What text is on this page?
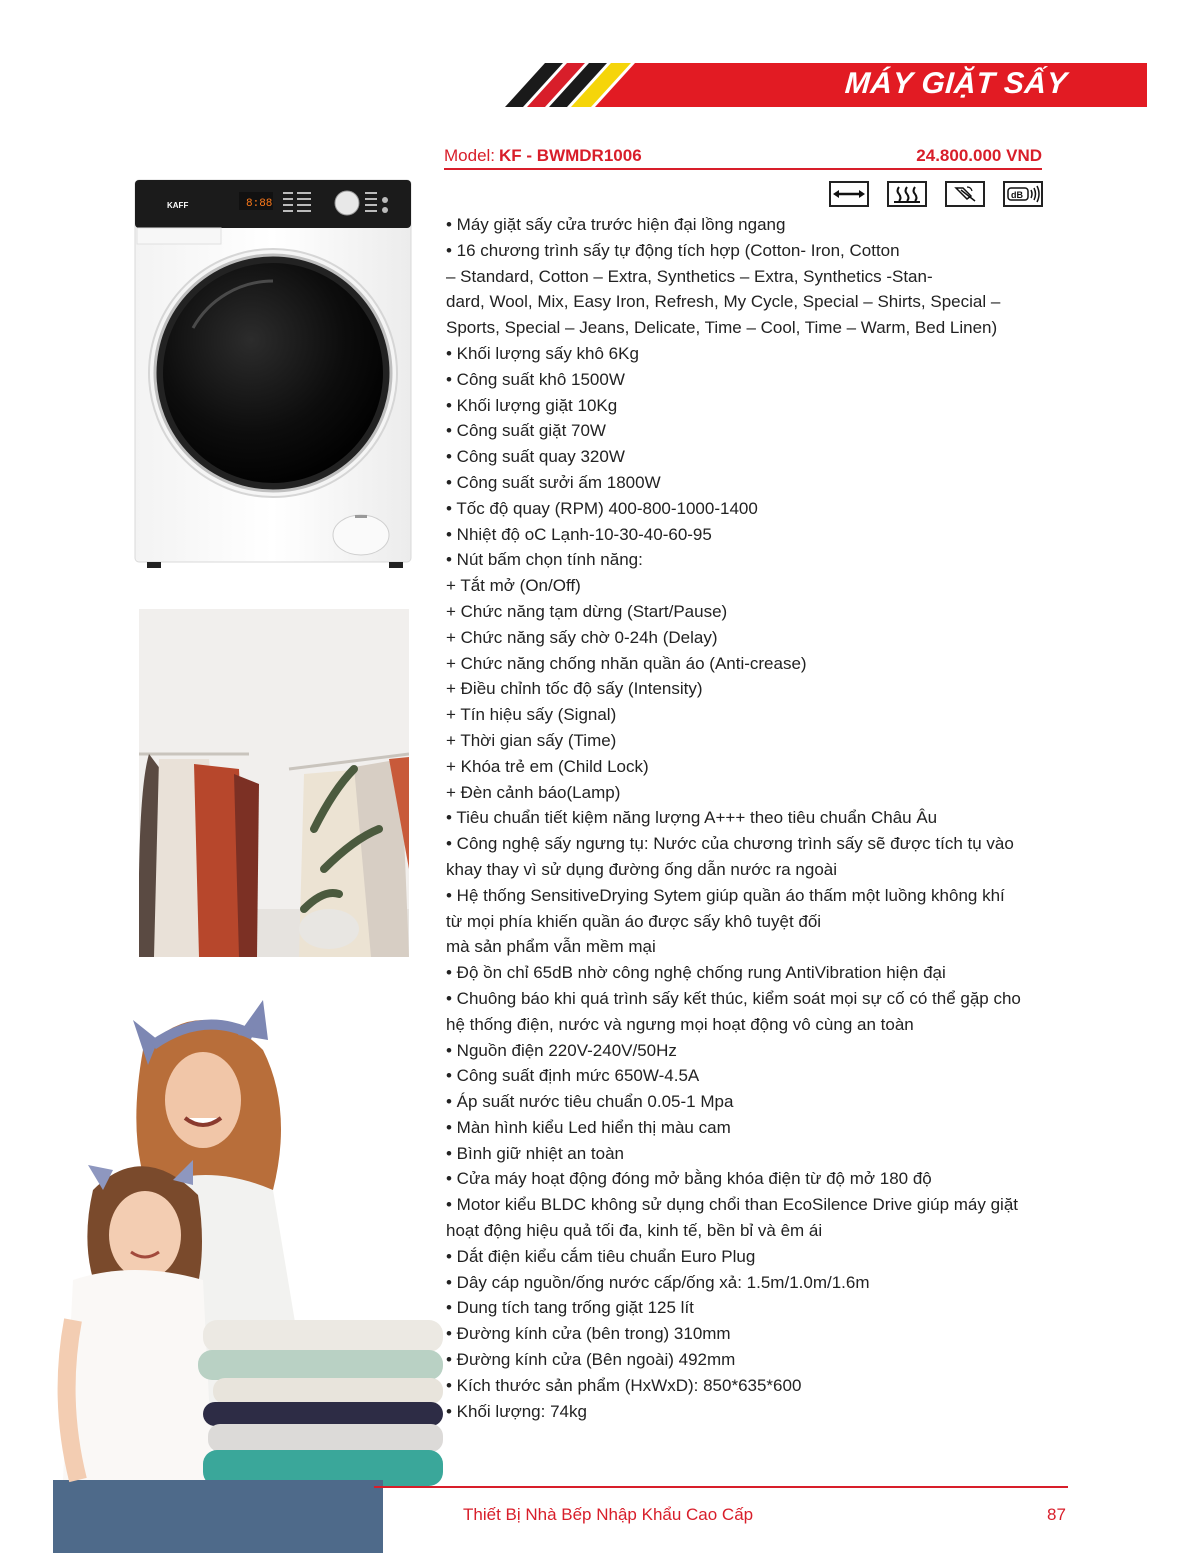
MÁY GIẶT SẤY
Model: KF - BWMDR1006	24.800.000 VND
dB
KAFF	8:88
• Máy giặt sấy cửa trước hiện đại lồng ngang
• 16 chương trình sấy tự động tích hợp (Cotton- Iron, Cotton
– Standard, Cotton – Extra, Synthetics – Extra, Synthetics -Stan-
dard, Wool, Mix, Easy Iron, Refresh, My Cycle, Special – Shirts, Special –
Sports, Special – Jeans, Delicate, Time – Cool, Time – Warm, Bed Linen)
• Khối lượng sấy khô 6Kg
• Công suất khô 1500W
• Khối lượng giặt 10Kg
• Công suất giặt 70W
• Công suất quay 320W
• Công suất sưởi ấm 1800W
• Tốc độ quay (RPM) 400-800-1000-1400
• Nhiệt độ oC Lạnh-10-30-40-60-95
• Nút bấm chọn tính năng:
+ Tắt mở (On/Off)
+ Chức năng tạm dừng (Start/Pause)
+ Chức năng sấy chờ 0-24h (Delay)
+ Chức năng chống nhăn quần áo (Anti-crease)
+ Điều chỉnh tốc độ sấy (Intensity)
+ Tín hiệu sấy (Signal)
+ Thời gian sấy (Time)
+ Khóa trẻ em (Child Lock)
+ Đèn cảnh báo(Lamp)
• Tiêu chuẩn tiết kiệm năng lượng A+++ theo tiêu chuẩn Châu Âu
• Công nghệ sấy ngưng tụ: Nước của chương trình sấy sẽ được tích tụ vào
khay thay vì sử dụng đường ống dẫn nước ra ngoài
• Hệ thống SensitiveDrying Sytem giúp quần áo thấm một luồng không khí
từ mọi phía khiến quần áo được sấy khô tuyệt đối
mà sản phẩm vẫn mềm mại
• Độ ồn chỉ 65dB nhờ công nghệ chống rung AntiVibration hiện đại
• Chuông báo khi quá trình sấy kết thúc, kiểm soát mọi sự cố có thể gặp cho
hệ thống điện, nước và ngưng mọi hoạt động vô cùng an toàn
• Nguồn điện 220V-240V/50Hz
• Công suất định mức 650W-4.5A
• Áp suất nước tiêu chuẩn 0.05-1 Mpa
• Màn hình kiểu Led hiển thị màu cam
• Bình giữ nhiệt an toàn
• Cửa máy hoạt động đóng mở bằng khóa điện từ độ mở 180 độ
• Motor kiểu BLDC không sử dụng chổi than EcoSilence Drive giúp máy giặt
hoạt động hiệu quả tối đa, kinh tế, bền bỉ và êm ái
• Dắt điện kiểu cắm tiêu chuẩn Euro Plug
• Dây cáp nguồn/ống nước cấp/ống xả: 1.5m/1.0m/1.6m
• Dung tích tang trống giặt 125 lít
• Đường kính cửa (bên trong) 310mm
• Đường kính cửa (Bên ngoài) 492mm
• Kích thước sản phẩm (HxWxD): 850*635*600
• Khối lượng: 74kg
Thiết Bị Nhà Bếp Nhập Khẩu Cao Cấp	87
